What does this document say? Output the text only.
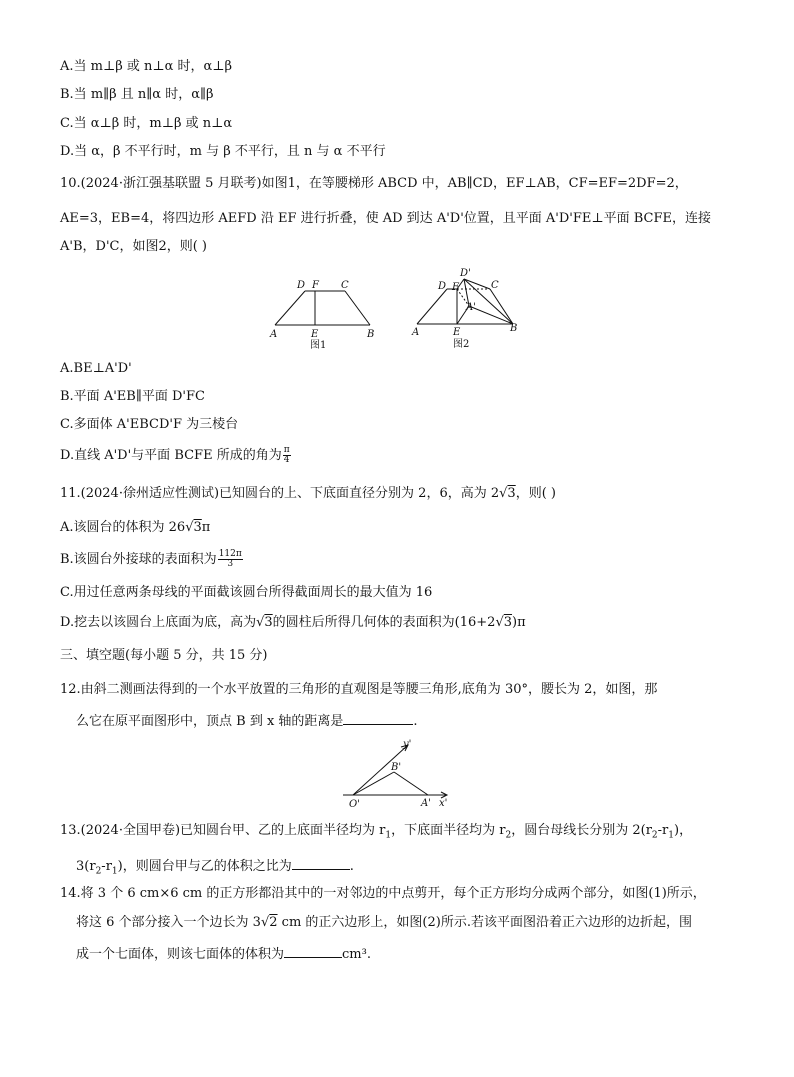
A.当 m⊥β 或 n⊥α 时，α⊥β
B.当 m∥β 且 n∥α 时，α∥β
C.当 α⊥β 时，m⊥β 或 n⊥α
D.当 α，β 不平行时，m 与 β 不平行，且 n 与 α 不平行
10.(2024·浙江强基联盟 5 月联考)如图1，在等腰梯形 ABCD 中，AB∥CD，EF⊥AB，CF=EF=2DF=2，
AE=3，EB=4，将四边形 AEFD 沿 EF 进行折叠，使 AD 到达 A'D'位置，且平面 A'D'FE⊥平面 BCFE，连接
A'B，D'C，如图2，则( )
D F C
A	E	B
图1
D'
D F	C
A'
A	E	B
图2
A.BE⊥A'D'
B.平面 A'EB∥平面 D'FC
C.多面体 A'EBCD'F 为三棱台
D.直线 A'D'与平面 BCFE 所成的角为 $\frac{\pi}{4}$
11.(2024·徐州适应性测试)已知圆台的上、下底面直径分别为 2，6，高为 2√3，则( )
A.该圆台的体积为 26√3π
B.该圆台外接球的表面积为 $\frac{112\pi}{3}$
C.用过任意两条母线的平面截该圆台所得截面周长的最大值为 16
D.挖去以该圆台上底面为底，高为√3的圆柱后所得几何体的表面积为(16+2√3)π
三、填空题(每小题 5 分，共 15 分)
12.由斜二测画法得到的一个水平放置的三角形的直观图是等腰三角形,底角为 30°，腰长为 2，如图，那
么它在原平面图形中，顶点 B 到 x 轴的距离是	.
y'
B'
O'	A' x'
13.(2024·全国甲卷)已知圆台甲、乙的上底面半径均为 $r_1$，下底面半径均为 $r_2$，圆台母线长分别为 $2(r_2-r_1)$，
$3(r_2-r_1)$，则圆台甲与乙的体积之比为	.
14.将 3 个 6 cm×6 cm 的正方形都沿其中的一对邻边的中点剪开，每个正方形均分成两个部分，如图(1)所示，
将这 6 个部分接入一个边长为 3√2 cm 的正六边形上，如图(2)所示.若该平面图沿着正六边形的边折起，围
成一个七面体，则该七面体的体积为	cm³.
